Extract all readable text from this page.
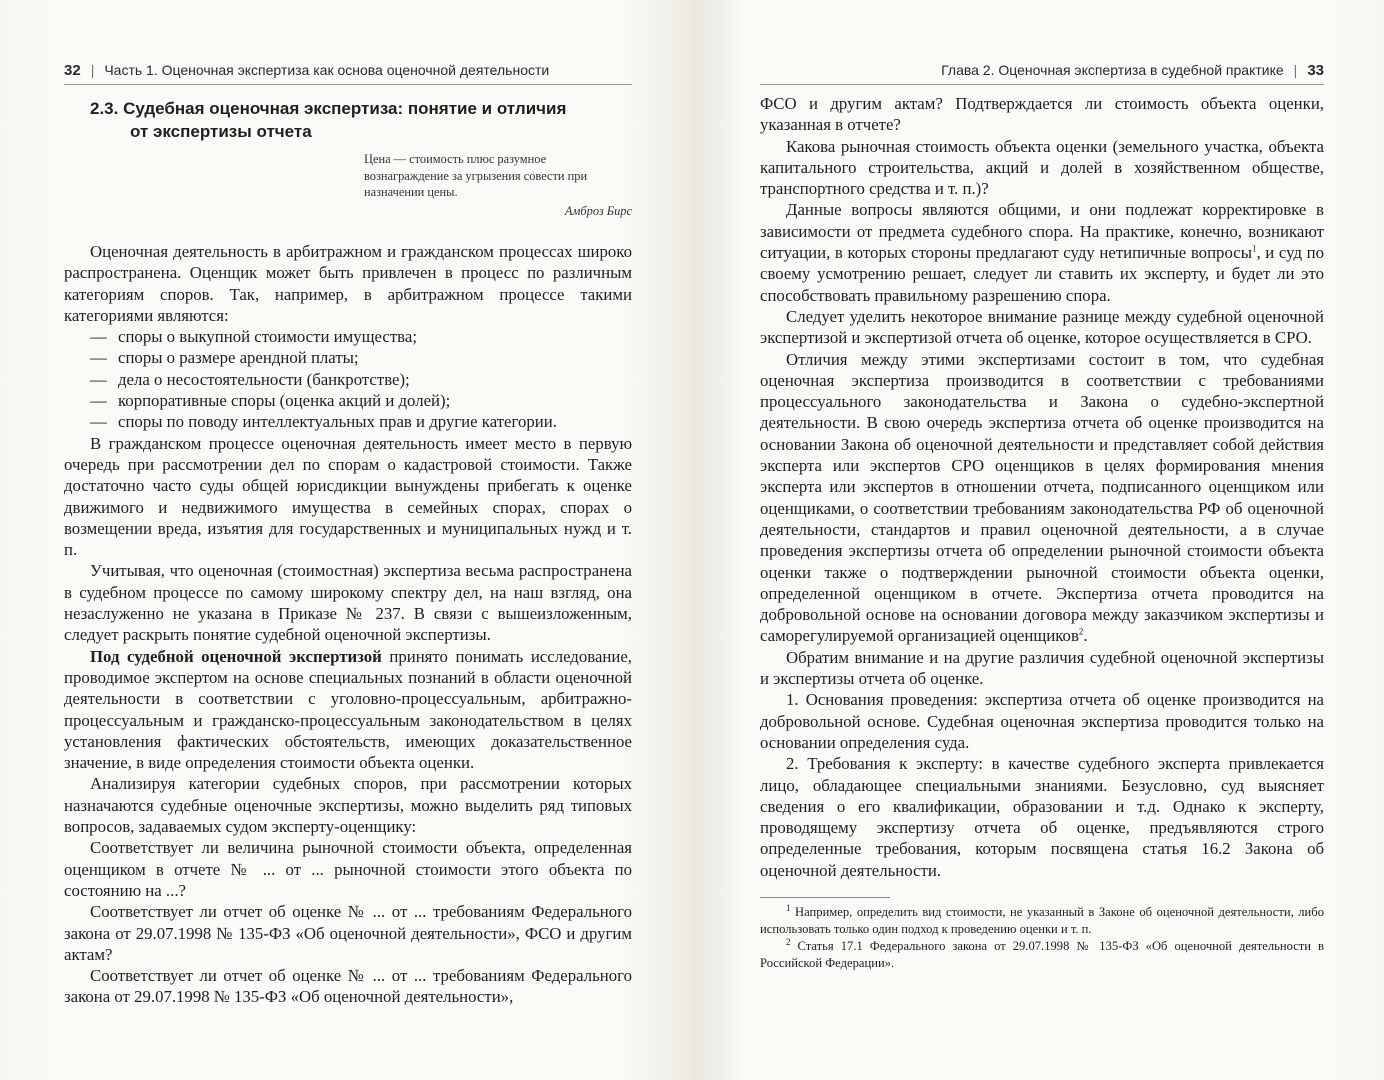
32 | Часть 1. Оценочная экспертиза как основа оценочной деятельности
2.3. Судебная оценочная экспертиза: понятие и отличия
от экспертизы отчета
Цена — стоимость плюс разумное вознаграждение за угрызения совести при назначении цены.
Амброз Бирс

Оценочная деятельность в арбитражном и гражданском процессах широко распространена. Оценщик может быть привлечен в процесс по различным категориям споров. Так, например, в арбитражном процессе такими категориями являются:

— споры о выкупной стоимости имущества;
— споры о размере арендной платы;
— дела о несостоятельности (банкротстве);
— корпоративные споры (оценка акций и долей);
— споры по поводу интеллектуальных прав и другие категории.

В гражданском процессе оценочная деятельность имеет место в первую очередь при рассмотрении дел по спорам о кадастровой стоимости. Также достаточно часто суды общей юрисдикции вынуждены прибегать к оценке движимого и недвижимого имущества в семейных спорах, спорах о возмещении вреда, изъятия для государственных и муниципальных нужд и т. п.

Учитывая, что оценочная (стоимостная) экспертиза весьма распространена в судебном процессе по самому широкому спектру дел, на наш взгляд, она незаслуженно не указана в Приказе № 237. В связи с вышеизложенным, следует раскрыть понятие судебной оценочной экспертизы.

Под судебной оценочной экспертизой принято понимать исследование, проводимое экспертом на основе специальных познаний в области оценочной деятельности в соответствии с уголовно-процессуальным, арбитражно-процессуальным и гражданско-процессуальным законодательством в целях установления фактических обстоятельств, имеющих доказательственное значение, в виде определения стоимости объекта оценки.

Анализируя категории судебных споров, при рассмотрении которых назначаются судебные оценочные экспертизы, можно выделить ряд типовых вопросов, задаваемых судом эксперту-оценщику:

Соответствует ли величина рыночной стоимости объекта, определенная оценщиком в отчете № ... от ... рыночной стоимости этого объекта по состоянию на ...?

Соответствует ли отчет об оценке № ... от ... требованиям Федерального закона от 29.07.1998 № 135-ФЗ «Об оценочной деятельности», ФСО и другим актам?

Соответствует ли отчет об оценке № ... от ... требованиям Федерального закона от 29.07.1998 № 135-ФЗ «Об оценочной деятельности»,

Глава 2. Оценочная экспертиза в судебной практике | 33

ФСО и другим актам? Подтверждается ли стоимость объекта оценки, указанная в отчете?

Какова рыночная стоимость объекта оценки (земельного участка, объекта капитального строительства, акций и долей в хозяйственном обществе, транспортного средства и т. п.)?

Данные вопросы являются общими, и они подлежат корректировке в зависимости от предмета судебного спора. На практике, конечно, возникают ситуации, в которых стороны предлагают суду нетипичные вопросы$^1$, и суд по своему усмотрению решает, следует ли ставить их эксперту, и будет ли это способствовать правильному разрешению спора.

Следует уделить некоторое внимание разнице между судебной оценочной экспертизой и экспертизой отчета об оценке, которое осуществляется в СРО.

Отличия между этими экспертизами состоит в том, что судебная оценочная экспертиза производится в соответствии с требованиями процессуального законодательства и Закона о судебно-экспертной деятельности. В свою очередь экспертиза отчета об оценке производится на основании Закона об оценочной деятельности и представляет собой действия эксперта или экспертов СРО оценщиков в целях формирования мнения эксперта или экспертов в отношении отчета, подписанного оценщиком или оценщиками, о соответствии требованиям законодательства РФ об оценочной деятельности, стандартов и правил оценочной деятельности, а в случае проведения экспертизы отчета об определении рыночной стоимости объекта оценки также о подтверждении рыночной стоимости объекта оценки, определенной оценщиком в отчете. Экспертиза отчета проводится на добровольной основе на основании договора между заказчиком экспертизы и саморегулируемой организацией оценщиков$^2$.

Обратим внимание и на другие различия судебной оценочной экспертизы и экспертизы отчета об оценке.

1. Основания проведения: экспертиза отчета об оценке производится на добровольной основе. Судебная оценочная экспертиза проводится только на основании определения суда.

2. Требования к эксперту: в качестве судебного эксперта привлекается лицо, обладающее специальными знаниями. Безусловно, суд выясняет сведения о его квалификации, образовании и т.д. Однако к эксперту, проводящему экспертизу отчета об оценке, предъявляются строго определенные требования, которым посвящена статья 16.2 Закона об оценочной деятельности.

$^1$ Например, определить вид стоимости, не указанный в Законе об оценочной деятельности, либо использовать только один подход к проведению оценки и т. п.

$^2$ Статья 17.1 Федерального закона от 29.07.1998 № 135-ФЗ «Об оценочной деятельности в Российской Федерации».
